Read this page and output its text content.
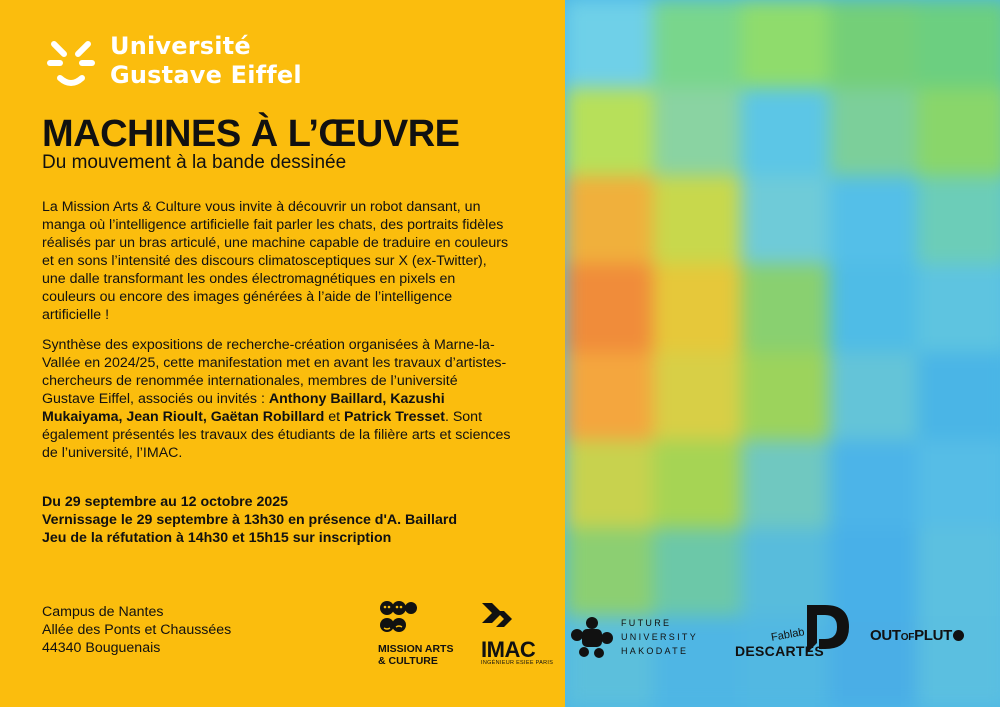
Université
Gustave Eiffel
MACHINES À L’ŒUVRE
Du mouvement à la bande dessinée

La Mission Arts & Culture vous invite à découvrir un robot dansant, un manga où l’intelligence artificielle fait parler les chats, des portraits fidèles réalisés par un bras articulé, une machine capable de traduire en couleurs et en sons l’intensité des discours climatosceptiques sur X (ex-Twitter), une dalle transformant les ondes électromagnétiques en pixels en couleurs ou encore des images générées à l’aide de l’intelligence artificielle !

Synthèse des expositions de recherche-création organisées à Marne-la-Vallée en 2024/25, cette manifestation met en avant les travaux d’artistes-chercheurs de renommée internationales, membres de l’université Gustave Eiffel, associés ou invités : Anthony Baillard, Kazushi Mukaiyama, Jean Rioult, Gaëtan Robillard et Patrick Tresset. Sont également présentés les travaux des étudiants de la filière arts et sciences de l’université, l’IMAC.

Du 29 septembre au 12 octobre 2025
Vernissage le 29 septembre à 13h30 en présence d'A. Baillard
Jeu de la réfutation à 14h30 et 15h15 sur inscription
Campus de Nantes
Allée des Ponts et Chaussées
44340 Bouguenais	MISSION ARTS
& CULTURE	IMAC
INGÉNIEUR ESIEE PARIS
FUTURE
UNIVERSITY
HAKODATE
Fablab
DESCARTES
OUTOFPLUT
